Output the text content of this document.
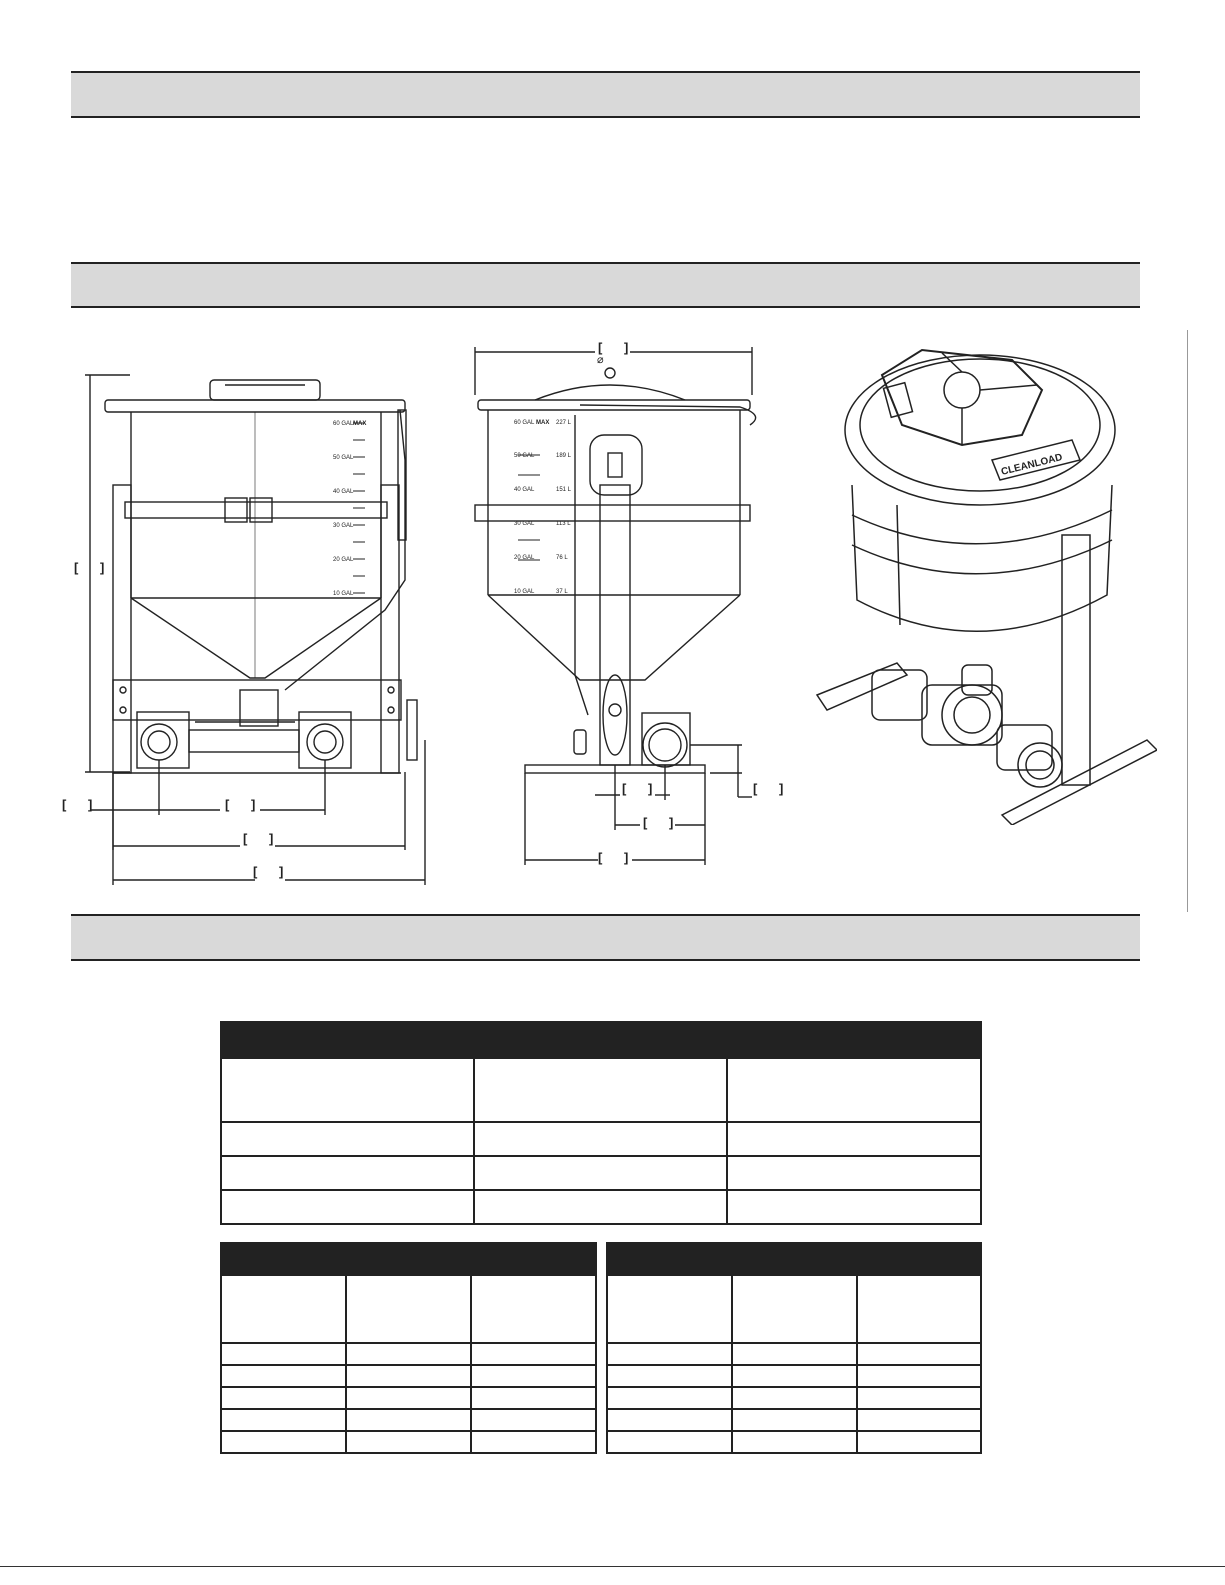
60 GAL MAX
50 GAL
40 GAL
30 GAL
20 GAL
10 GAL
[      ]
[      ]	[      ]
[      ]
[      ]
60 GAL MAX 227 L
50 GAL	189 L
40 GAL	151 L
30 GAL	113 L
20 GAL	76 L
10 GAL	37 L
⌀
[      ]
[      ]	[      ]
[      ]
[      ]
CLEANLOAD
